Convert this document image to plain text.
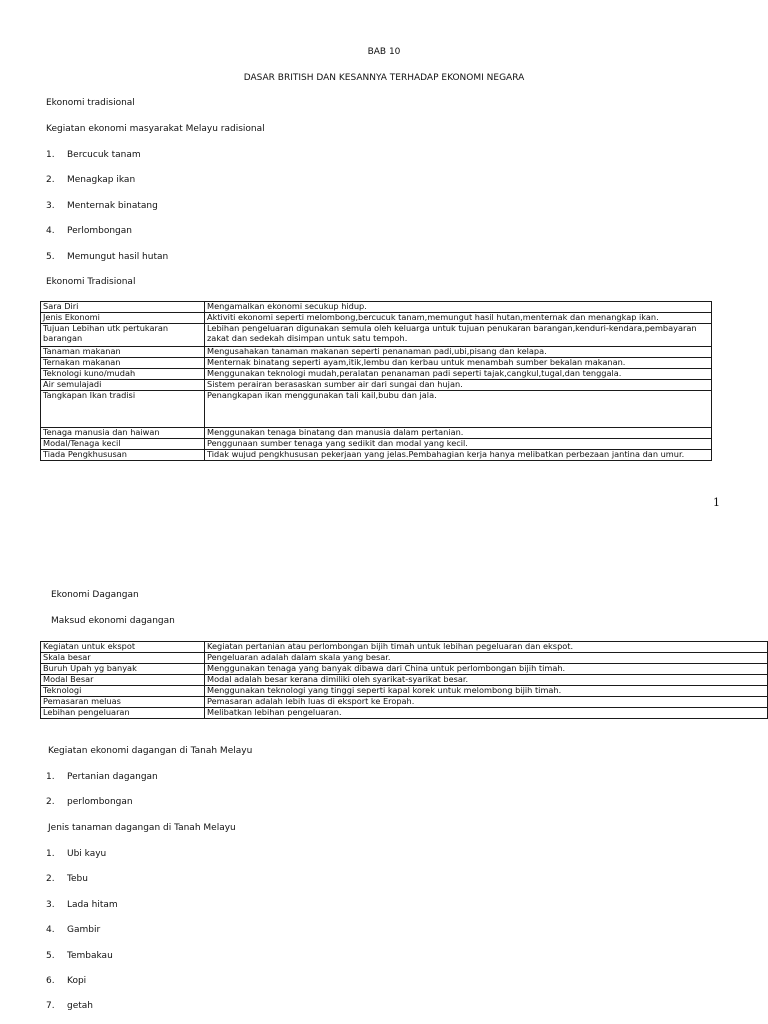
BAB 10
DASAR BRITISH DAN KESANNYA TERHADAP EKONOMI NEGARA
Ekonomi tradisional
Kegiatan ekonomi masyarakat Melayu radisional
1. Bercucuk tanam
2. Menagkap ikan
3. Menternak binatang
4. Perlombongan
5. Memungut hasil hutan
Ekonomi Tradisional
Sara Diri	Mengamalkan ekonomi secukup hidup.
Jenis Ekonomi	Aktiviti ekonomi seperti melombong,bercucuk tanam,memungut hasil hutan,menternak dan menangkap ikan.
Tujuan Lebihan utk pertukaran barangan	Lebihan pengeluaran digunakan semula oleh keluarga untuk tujuan penukaran barangan,kenduri-kendara,pembayaran zakat dan sedekah disimpan untuk satu tempoh.
Tanaman makanan	Mengusahakan tanaman makanan seperti penanaman padi,ubi,pisang dan kelapa.
Ternakan makanan	Menternak binatang seperti ayam,itik,lembu dan kerbau untuk menambah sumber bekalan makanan.
Teknologi kuno/mudah	Menggunakan teknologi mudah,peralatan penanaman padi seperti tajak,cangkul,tugal,dan tenggala.
Air semulajadi	Sistem perairan berasaskan sumber air dari sungai dan hujan.
Tangkapan Ikan tradisi	Penangkapan ikan menggunakan tali kail,bubu dan jala.
Tenaga manusia dan haiwan	Menggunakan tenaga binatang dan manusia dalam pertanian.
Modal/Tenaga kecil	Penggunaan sumber tenaga yang sedikit dan modal yang kecil.
Tiada Pengkhususan	Tidak wujud pengkhususan pekerjaan yang jelas.Pembahagian kerja hanya melibatkan perbezaan jantina dan umur.
1
Ekonomi Dagangan
Maksud ekonomi dagangan
Kegiatan untuk ekspot	Kegiatan pertanian atau perlombongan bijih timah untuk lebihan pegeluaran dan ekspot.
Skala besar	Pengeluaran adalah dalam skala yang besar.
Buruh Upah yg banyak	Menggunakan tenaga yang banyak dibawa dari China untuk perlombongan bijih timah.
Modal Besar	Modal adalah besar kerana dimiliki oleh syarikat-syarikat besar.
Teknologi	Menggunakan teknologi yang tinggi seperti kapal korek untuk melombong bijih timah.
Pemasaran meluas	Pemasaran adalah lebih luas di eksport ke Eropah.
Lebihan pengeluaran	Melibatkan lebihan pengeluaran.
Kegiatan ekonomi dagangan di Tanah Melayu
1. Pertanian dagangan
2. perlombongan
Jenis tanaman dagangan di Tanah Melayu
1. Ubi kayu
2. Tebu
3. Lada hitam
4. Gambir
5. Tembakau
6. Kopi
7. getah
